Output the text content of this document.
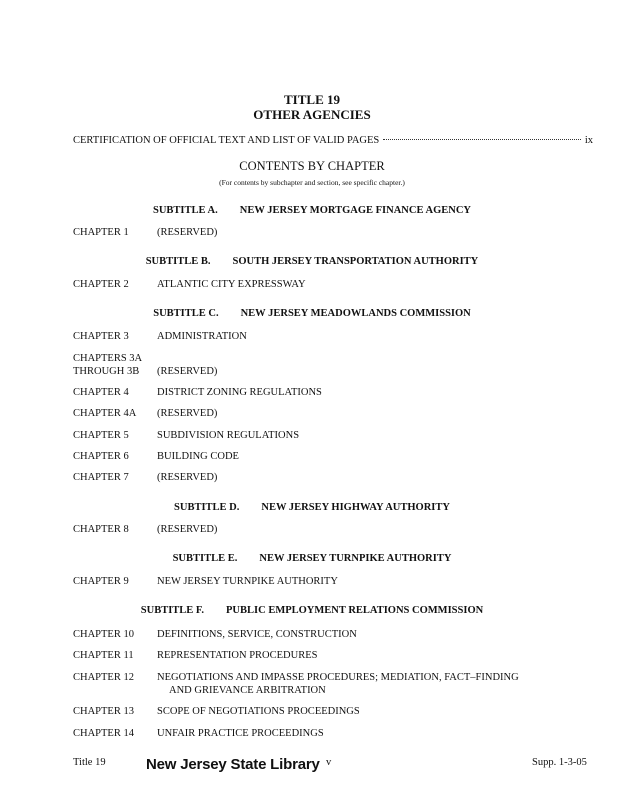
TITLE 19
OTHER AGENCIES
CERTIFICATION OF OFFICIAL TEXT AND LIST OF VALID PAGES	ix
CONTENTS BY CHAPTER
(For contents by subchapter and section, see specific chapter.)
SUBTITLE A. NEW JERSEY MORTGAGE FINANCE AGENCY
CHAPTER 1	(RESERVED)
SUBTITLE B. SOUTH JERSEY TRANSPORTATION AUTHORITY
CHAPTER 2	ATLANTIC CITY EXPRESSWAY
SUBTITLE C. NEW JERSEY MEADOWLANDS COMMISSION
CHAPTER 3	ADMINISTRATION
CHAPTERS 3A
THROUGH 3B	(RESERVED)
CHAPTER 4	DISTRICT ZONING REGULATIONS
CHAPTER 4A	(RESERVED)
CHAPTER 5	SUBDIVISION REGULATIONS
CHAPTER 6	BUILDING CODE
CHAPTER 7	(RESERVED)
SUBTITLE D. NEW JERSEY HIGHWAY AUTHORITY
CHAPTER 8	(RESERVED)
SUBTITLE E. NEW JERSEY TURNPIKE AUTHORITY
CHAPTER 9	NEW JERSEY TURNPIKE AUTHORITY
SUBTITLE F. PUBLIC EMPLOYMENT RELATIONS COMMISSION
CHAPTER 10	DEFINITIONS, SERVICE, CONSTRUCTION
CHAPTER 11	REPRESENTATION PROCEDURES
CHAPTER 12	NEGOTIATIONS AND IMPASSE PROCEDURES; MEDIATION, FACT–FINDING
AND GRIEVANCE ARBITRATION
CHAPTER 13	SCOPE OF NEGOTIATIONS PROCEEDINGS
CHAPTER 14	UNFAIR PRACTICE PROCEEDINGS
Title 19	New Jersey State Library v	Supp. 1-3-05
